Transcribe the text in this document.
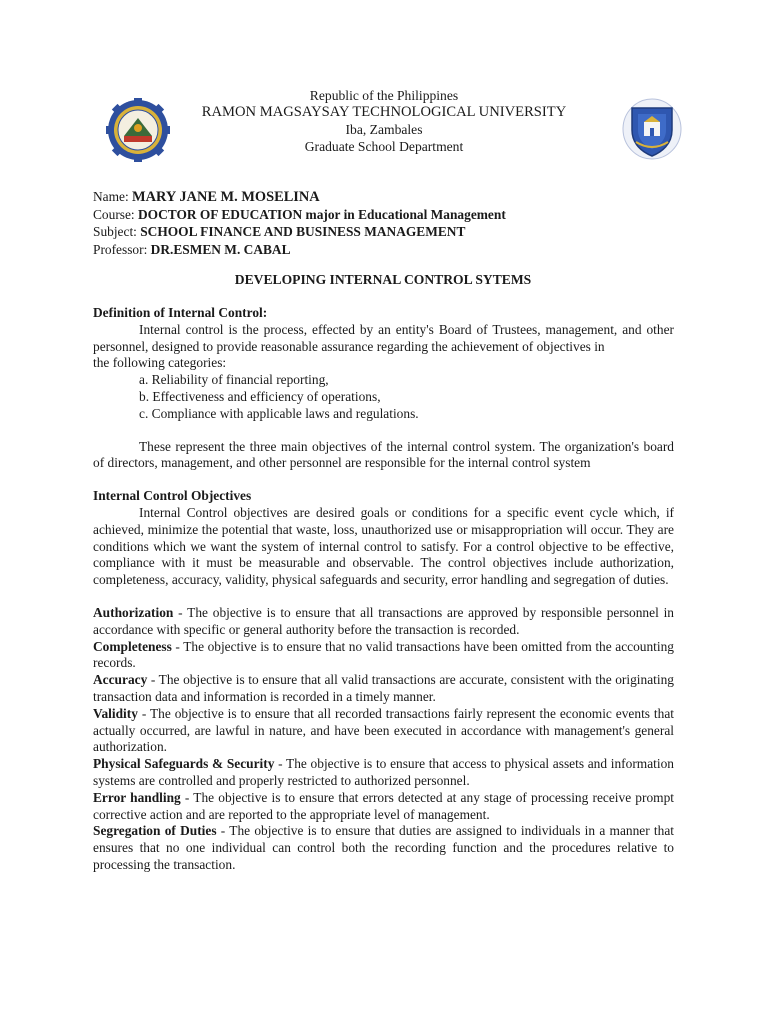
Republic of the Philippines
RAMON MAGSAYSAY TECHNOLOGICAL UNIVERSITY
Iba, Zambales
Graduate School Department
Name: MARY JANE M. MOSELINA
Course: DOCTOR OF EDUCATION major in Educational Management
Subject: SCHOOL FINANCE AND BUSINESS MANAGEMENT
Professor: DR.ESMEN M. CABAL
DEVELOPING INTERNAL CONTROL SYTEMS
Definition of Internal Control:
Internal control is the process, effected by an entity's Board of Trustees, management, and other personnel, designed to provide reasonable assurance regarding the achievement of objectives in
the following categories:
a. Reliability of financial reporting,
b. Effectiveness and efficiency of operations,
c. Compliance with applicable laws and regulations.
These represent the three main objectives of the internal control system. The organization's board of directors, management, and other personnel are responsible for the internal control system
Internal Control Objectives
Internal Control objectives are desired goals or conditions for a specific event cycle which, if achieved, minimize the potential that waste, loss, unauthorized use or misappropriation will occur. They are conditions which we want the system of internal control to satisfy. For a control objective to be effective, compliance with it must be measurable and observable. The control objectives include authorization, completeness, accuracy, validity, physical safeguards and security, error handling and segregation of duties.
Authorization - The objective is to ensure that all transactions are approved by responsible personnel in accordance with specific or general authority before the transaction is recorded.
Completeness - The objective is to ensure that no valid transactions have been omitted from the accounting records.
Accuracy - The objective is to ensure that all valid transactions are accurate, consistent with the originating transaction data and information is recorded in a timely manner.
Validity - The objective is to ensure that all recorded transactions fairly represent the economic events that actually occurred, are lawful in nature, and have been executed in accordance with management's general authorization.
Physical Safeguards & Security - The objective is to ensure that access to physical assets and information systems are controlled and properly restricted to authorized personnel.
Error handling - The objective is to ensure that errors detected at any stage of processing receive prompt corrective action and are reported to the appropriate level of management.
Segregation of Duties - The objective is to ensure that duties are assigned to individuals in a manner that ensures that no one individual can control both the recording function and the procedures relative to processing the transaction.
